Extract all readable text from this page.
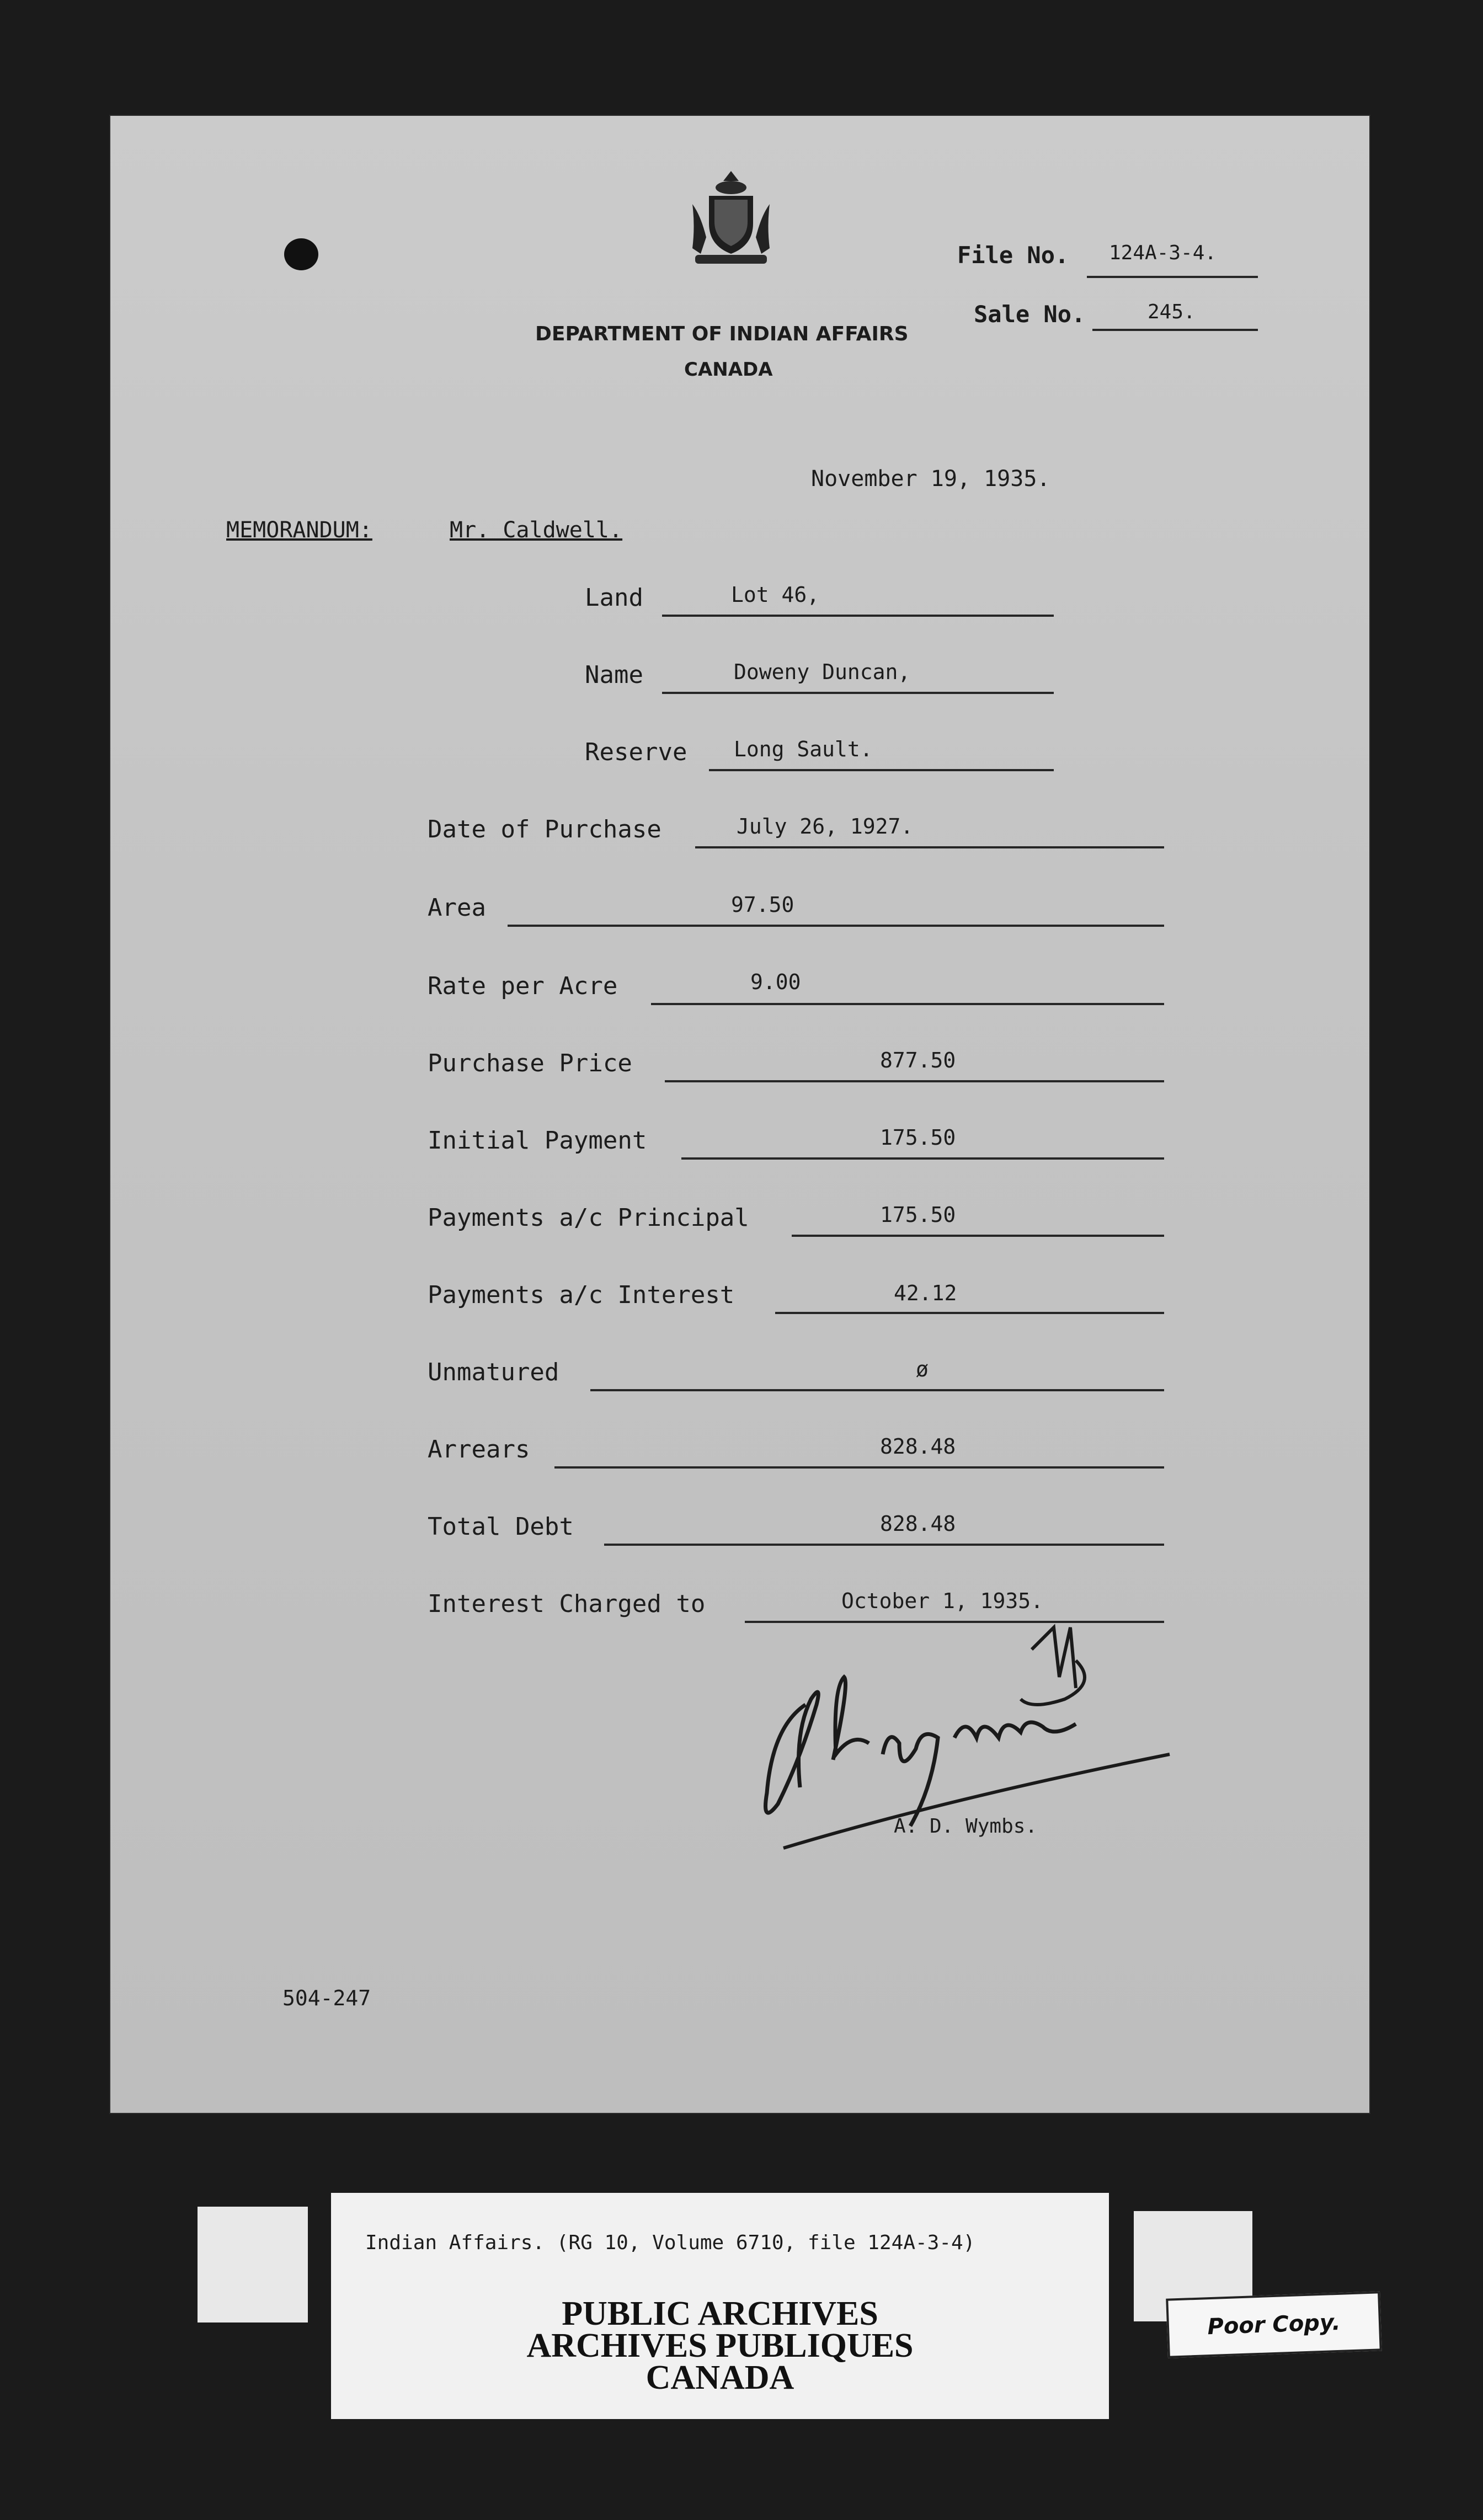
DEPARTMENT OF INDIAN AFFAIRS
CANADA
File No. 124A-3-4.
Sale No.	245.
November 19, 1935.
MEMORANDUM:	Mr. Caldwell.
Land	Lot 46,
Name	Doweny Duncan,
Reserve Long Sault.
Date of Purchase	July 26, 1927.
Area	97.50
Rate per Acre	9.00
Purchase Price	877.50
Initial Payment	175.50
Payments a/c Principal	175.50
Payments a/c Interest	42.12
Unmatured	ø
Arrears	828.48
Total Debt	828.48
Interest Charged to	October 1, 1935.
A. D. Wymbs.
504-247
Indian Affairs. (RG 10, Volume 6710, file 124A-3-4)
PUBLIC ARCHIVES
ARCHIVES PUBLIQUES
CANADA
Poor Copy.
